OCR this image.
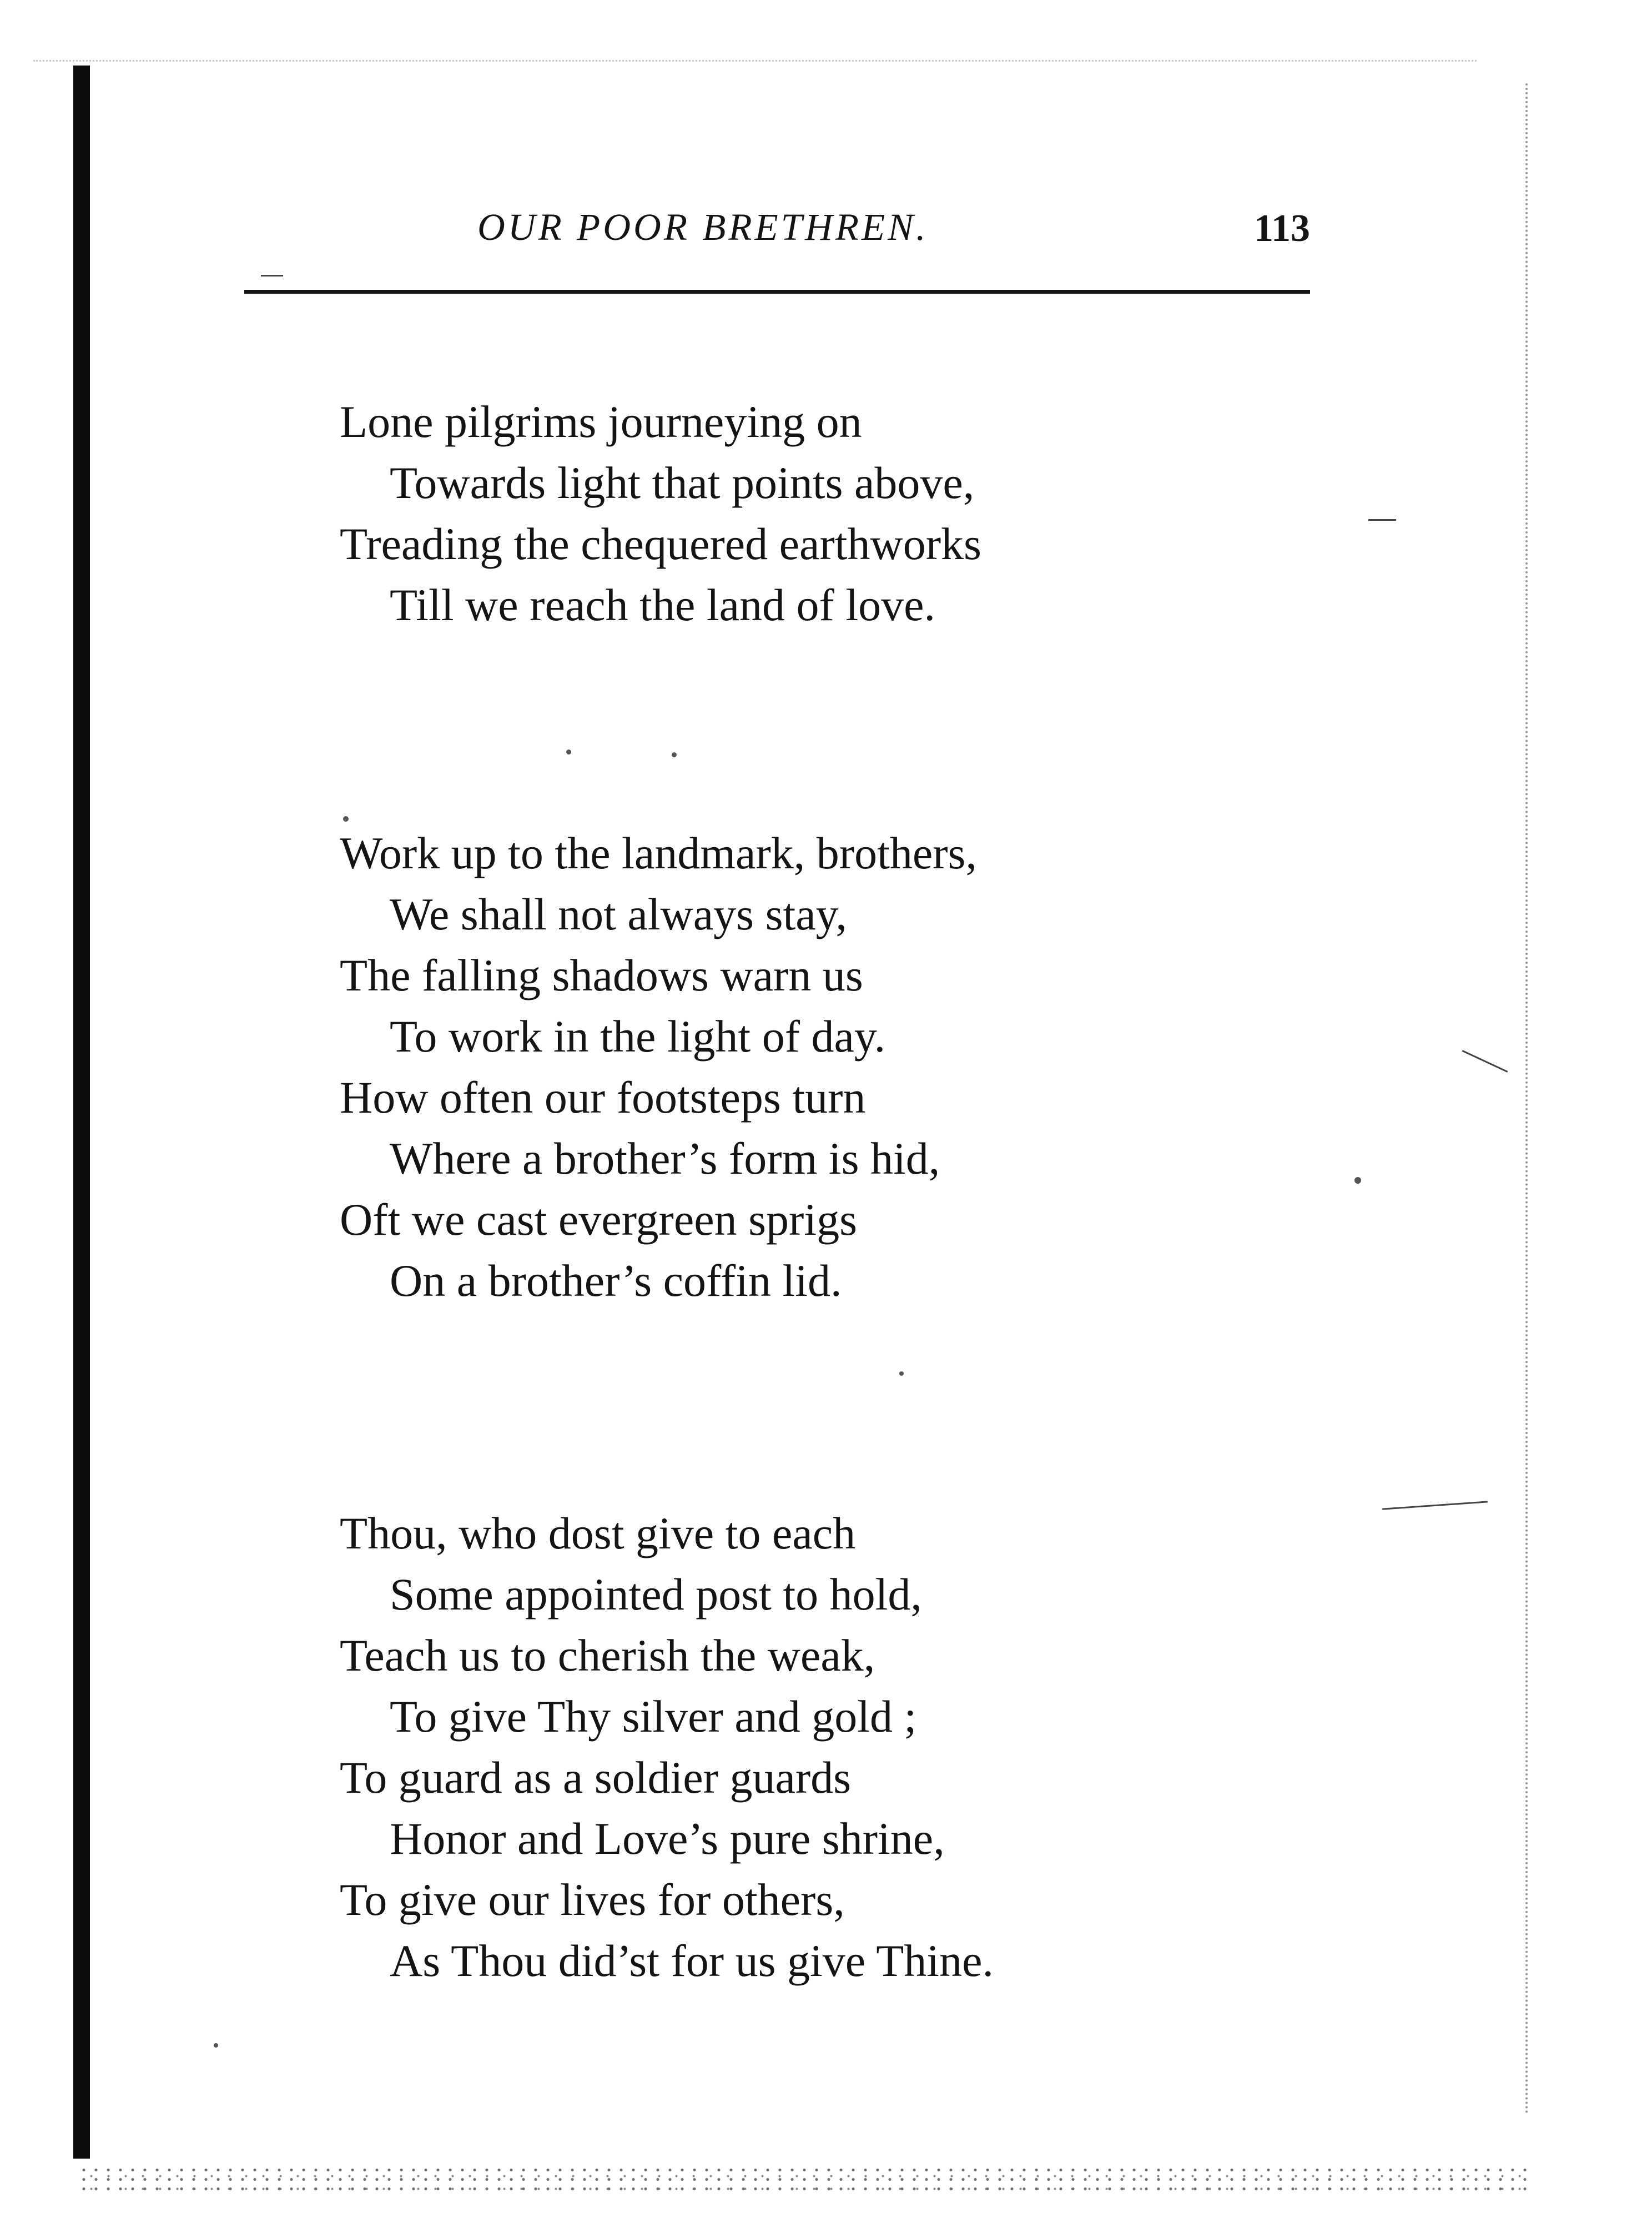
OUR POOR BRETHREN.	113
Lone pilgrims journeying on
Towards light that points above,
Treading the chequered earthworks
Till we reach the land of love.
Work up to the landmark, brothers,
We shall not always stay,
The falling shadows warn us
To work in the light of day.
How often our footsteps turn
Where a brother’s form is hid,
Oft we cast evergreen sprigs
On a brother’s coffin lid.
Thou, who dost give to each
Some appointed post to hold,
Teach us to cherish the weak,
To give Thy silver and gold ;
To guard as a soldier guards
Honor and Love’s pure shrine,
To give our lives for others,
As Thou did’st for us give Thine.
